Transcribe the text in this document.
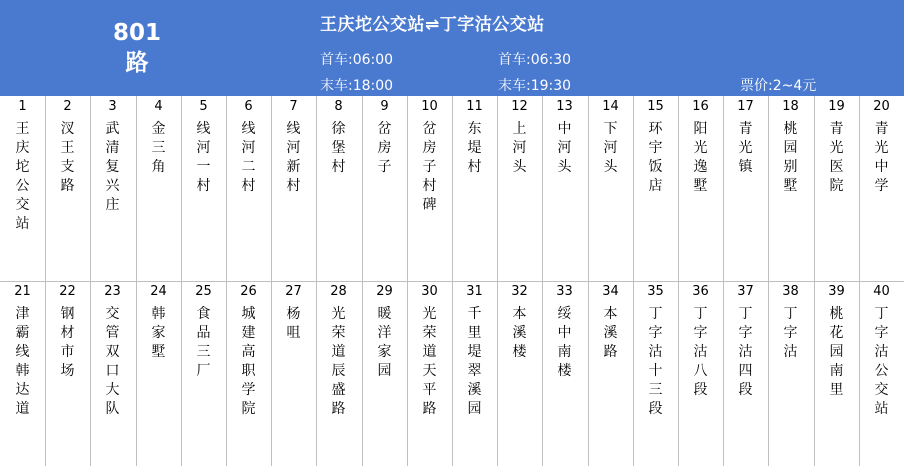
801
路
王庆坨公交站⇌丁字沽公交站
首车:06:00
末车:18:00
首车:06:30
末车:19:30	票价:2~4元
1
王庆坨公交站
2
汊王支路
3
武清复兴庄
4
金三角
5
线河一村
6
线河二村
7
线河新村
8
徐堡村
9
岔房子
10
岔房子村碑
11
东堤村
12
上河头
13
中河头
14
下河头
15
环宇饭店
16
阳光逸墅
17
青光镇
18
桃园别墅
19
青光医院
20
青光中学
21
津霸线韩达道
22
钢材市场
23
交管双口大队
24
韩家墅
25
食品三厂
26
城建高职学院
27
杨咀
28
光荣道辰盛路
29
暖洋家园
30
光荣道天平路
31
千里堤翠溪园
32
本溪楼
33
绥中南楼
34
本溪路
35
丁字沽十三段
36
丁字沽八段
37
丁字沽四段
38
丁字沽
39
桃花园南里
40
丁字沽公交站
